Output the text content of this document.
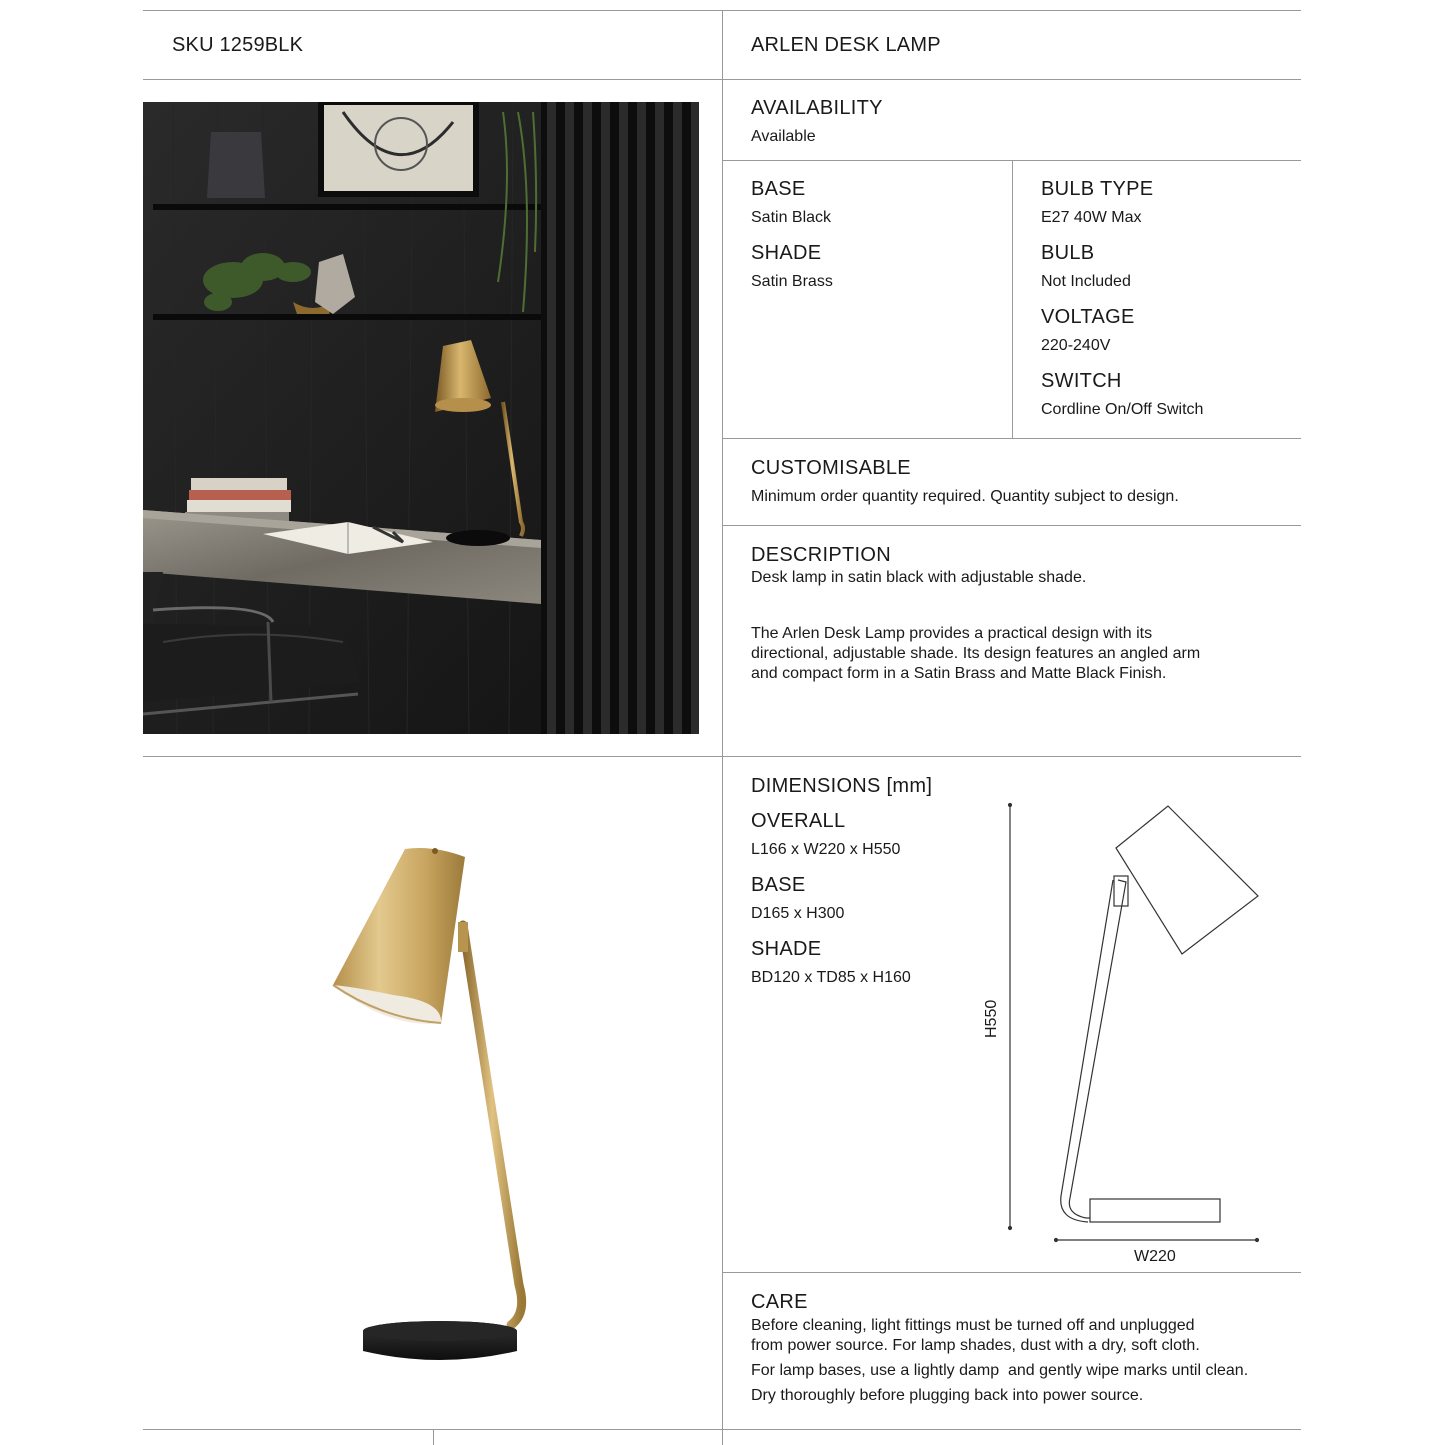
SKU 1259BLK	ARLEN DESK LAMP
AVAILABILITY
Available
BASE
Satin Black
SHADE
Satin Brass
BULB TYPE
E27 40W Max
BULB
Not Included
VOLTAGE
220-240V
SWITCH
Cordline On/Off Switch
CUSTOMISABLE
Minimum order quantity required. Quantity subject to design.
DESCRIPTION
Desk lamp in satin black with adjustable shade.
The Arlen Desk Lamp provides a practical design with its
directional, adjustable shade. Its design features an angled arm
and compact form in a Satin Brass and Matte Black Finish.
DIMENSIONS [mm]
OVERALL
L166 x W220 x H550
BASE
D165 x H300
SHADE
BD120 x TD85 x H160
H550
W220
CARE
Before cleaning, light fittings must be turned off and unplugged
from power source. For lamp shades, dust with a dry, soft cloth.
For lamp bases, use a lightly damp  and gently wipe marks until clean.
Dry thoroughly before plugging back into power source.
